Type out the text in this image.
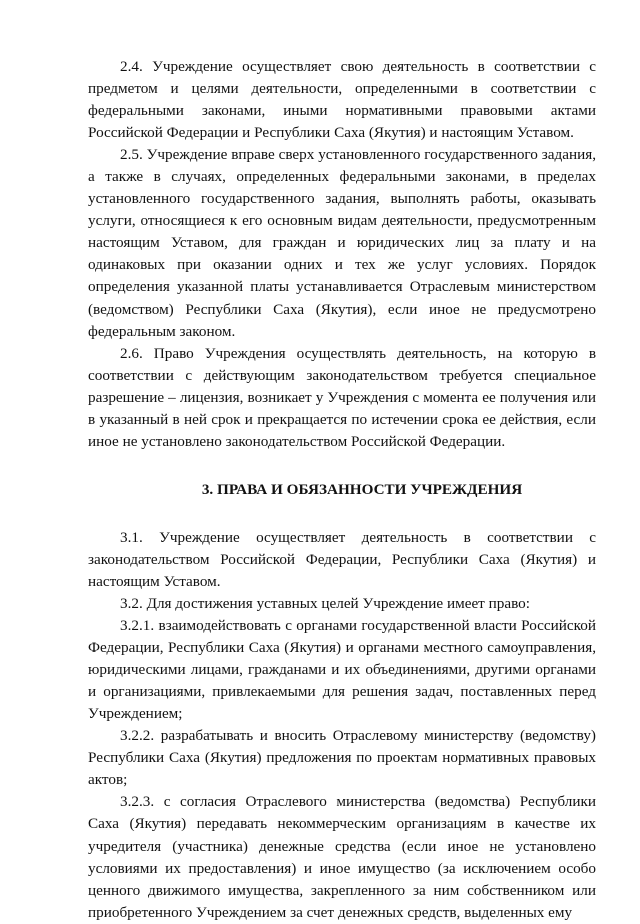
2.4. Учреждение осуществляет свою деятельность в соответствии с предметом и целями деятельности, определенными в соответствии с федеральными законами, иными нормативными правовыми актами Российской Федерации и Республики Саха (Якутия) и настоящим Уставом.

2.5. Учреждение вправе сверх установленного государственного задания, а также в случаях, определенных федеральными законами, в пределах установленного государственного задания, выполнять работы, оказывать услуги, относящиеся к его основным видам деятельности, предусмотренным настоящим Уставом, для граждан и юридических лиц за плату и на одинаковых при оказании одних и тех же услуг условиях. Порядок определения указанной платы устанавливается Отраслевым министерством (ведомством) Республики Саха (Якутия), если иное не предусмотрено федеральным законом.

2.6. Право Учреждения осуществлять деятельность, на которую в соответствии с действующим законодательством требуется специальное разрешение – лицензия, возникает у Учреждения с момента ее получения или в указанный в ней срок и прекращается по истечении срока ее действия, если иное не установлено законодательством Российской Федерации.

3. ПРАВА И ОБЯЗАННОСТИ УЧРЕЖДЕНИЯ

3.1. Учреждение осуществляет деятельность в соответствии с законодательством Российской Федерации, Республики Саха (Якутия) и настоящим Уставом.

3.2. Для достижения уставных целей Учреждение имеет право:

3.2.1. взаимодействовать с органами государственной власти Российской Федерации, Республики Саха (Якутия) и органами местного самоуправления, юридическими лицами, гражданами и их объединениями, другими органами и организациями, привлекаемыми для решения задач, поставленных перед Учреждением;

3.2.2. разрабатывать и вносить Отраслевому министерству (ведомству) Республики Саха (Якутия) предложения по проектам нормативных правовых актов;

3.2.3. с согласия Отраслевого министерства (ведомства) Республики Саха (Якутия) передавать некоммерческим организациям в качестве их учредителя (участника) денежные средства (если иное не установлено условиями их предоставления) и иное имущество (за исключением особо ценного движимого имущества, закрепленного за ним собственником или приобретенного Учреждением за счет денежных средств, выделенных ему
